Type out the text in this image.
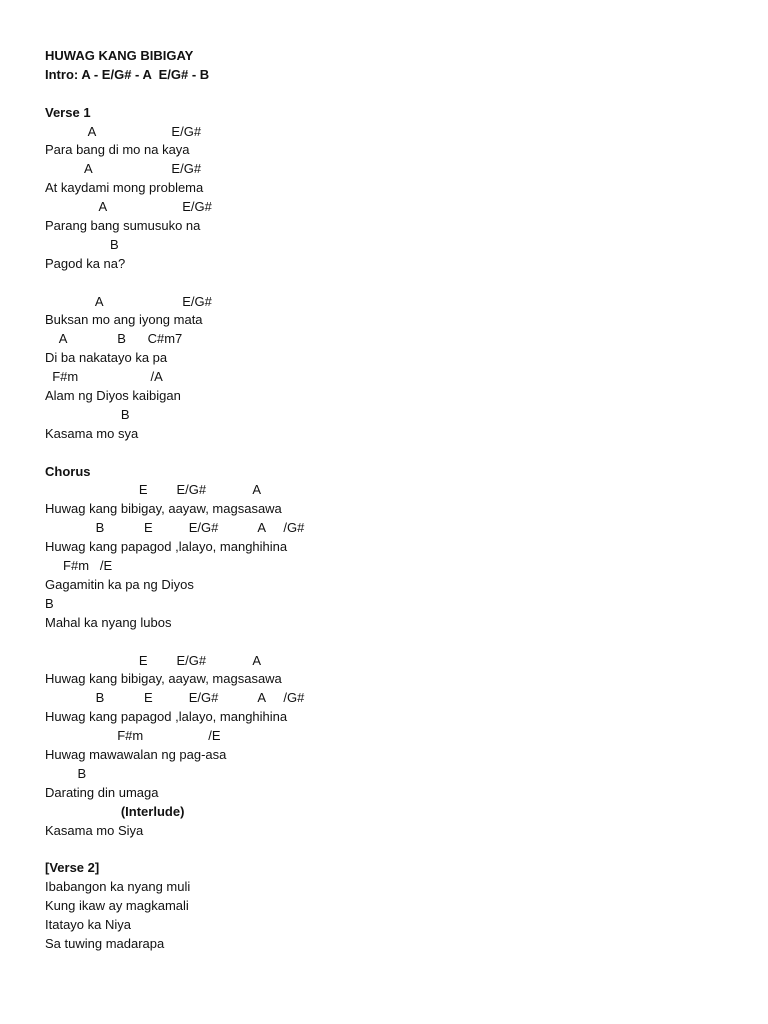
HUWAG KANG BIBIGAY
Intro: A - E/G# - A  E/G# - B
Verse 1
A                     E/G#
Para bang di mo na kaya
A                      E/G#
At kaydami mong problema
A                     E/G#
Parang bang sumusuko na
B
Pagod ka na?
A                      E/G#
Buksan mo ang iyong mata
A              B      C#m7
Di ba nakatayo ka pa
F#m                    /A
Alam ng Diyos kaibigan
B
Kasama mo sya
Chorus
E        E/G#             A
Huwag kang bibigay, aayaw, magsasawa
B           E          E/G#           A     /G#
Huwag kang papagod ,lalayo, manghihina
F#m   /E
Gagamitin ka pa ng Diyos
B
Mahal ka nyang lubos
E        E/G#             A
Huwag kang bibigay, aayaw, magsasawa
B           E          E/G#           A     /G#
Huwag kang papagod ,lalayo, manghihina
F#m                  /E
Huwag mawawalan ng pag-asa
B
Darating din umaga
(Interlude)
Kasama mo Siya
[Verse 2]
Ibabangon ka nyang muli
Kung ikaw ay magkamali
Itatayo ka Niya
Sa tuwing madarapa
